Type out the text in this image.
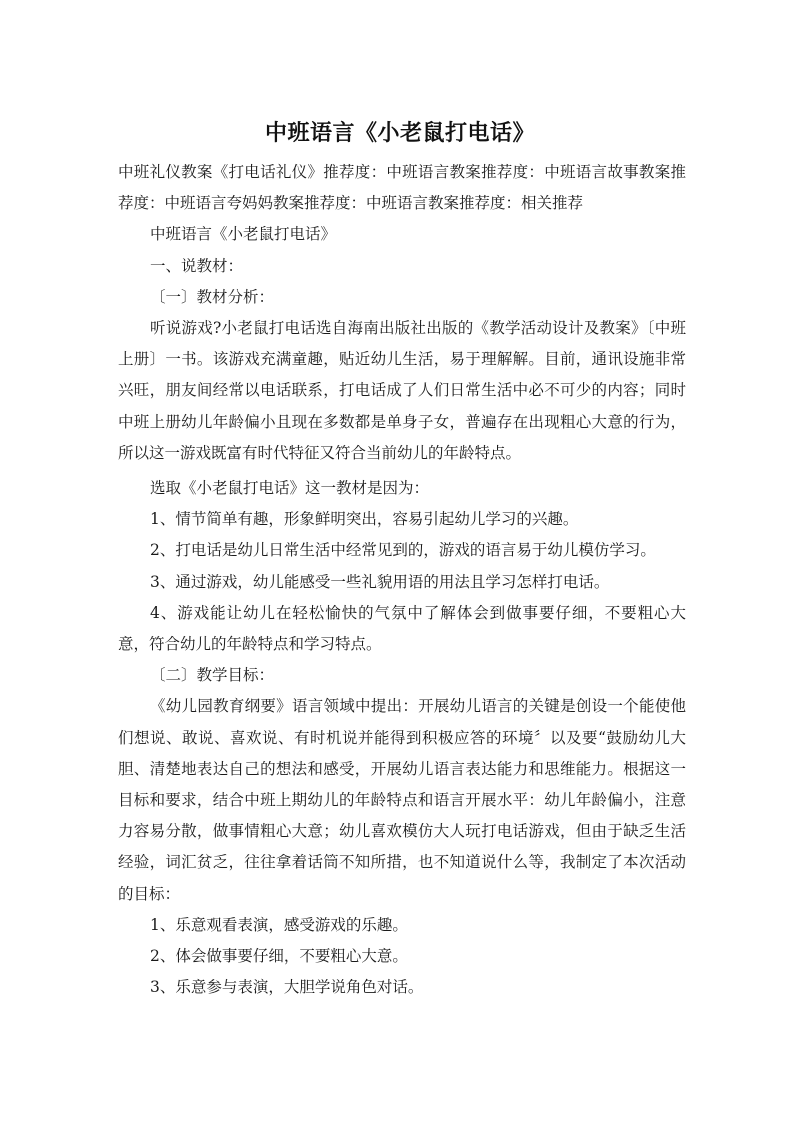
中班语言《小老鼠打电话》

中班礼仪教案《打电话礼仪》推荐度：中班语言教案推荐度：中班语言故事教案推荐度：中班语言夸妈妈教案推荐度：中班语言教案推荐度：相关推荐

中班语言《小老鼠打电话》

一、说教材：

〔一〕教材分析：

听说游戏?小老鼠打电话选自海南出版社出版的《教学活动设计及教案》〔中班上册〕一书。该游戏充满童趣，贴近幼儿生活，易于理解解。目前，通讯设施非常兴旺，朋友间经常以电话联系，打电话成了人们日常生活中必不可少的内容；同时中班上册幼儿年龄偏小且现在多数都是单身子女，普遍存在出现粗心大意的行为，所以这一游戏既富有时代特征又符合当前幼儿的年龄特点。

选取《小老鼠打电话》这一教材是因为：

1、情节简单有趣，形象鲜明突出，容易引起幼儿学习的兴趣。

2、打电话是幼儿日常生活中经常见到的，游戏的语言易于幼儿模仿学习。

3、通过游戏，幼儿能感受一些礼貌用语的用法且学习怎样打电话。

4、游戏能让幼儿在轻松愉快的气氛中了解体会到做事要仔细，不要粗心大意，符合幼儿的年龄特点和学习特点。

〔二〕教学目标：

《幼儿园教育纲要》语言领域中提出：开展幼儿语言的关键是创设一个能使他们想说、敢说、喜欢说、有时机说并能得到积极应答的环境〞以及要“鼓励幼儿大胆、清楚地表达自己的想法和感受，开展幼儿语言表达能力和思维能力。根据这一目标和要求，结合中班上期幼儿的年龄特点和语言开展水平：幼儿年龄偏小，注意力容易分散，做事情粗心大意；幼儿喜欢模仿大人玩打电话游戏，但由于缺乏生活经验，词汇贫乏，往往拿着话筒不知所措，也不知道说什么等，我制定了本次活动的目标：

1、乐意观看表演，感受游戏的乐趣。

2、体会做事要仔细，不要粗心大意。

3、乐意参与表演，大胆学说角色对话。
